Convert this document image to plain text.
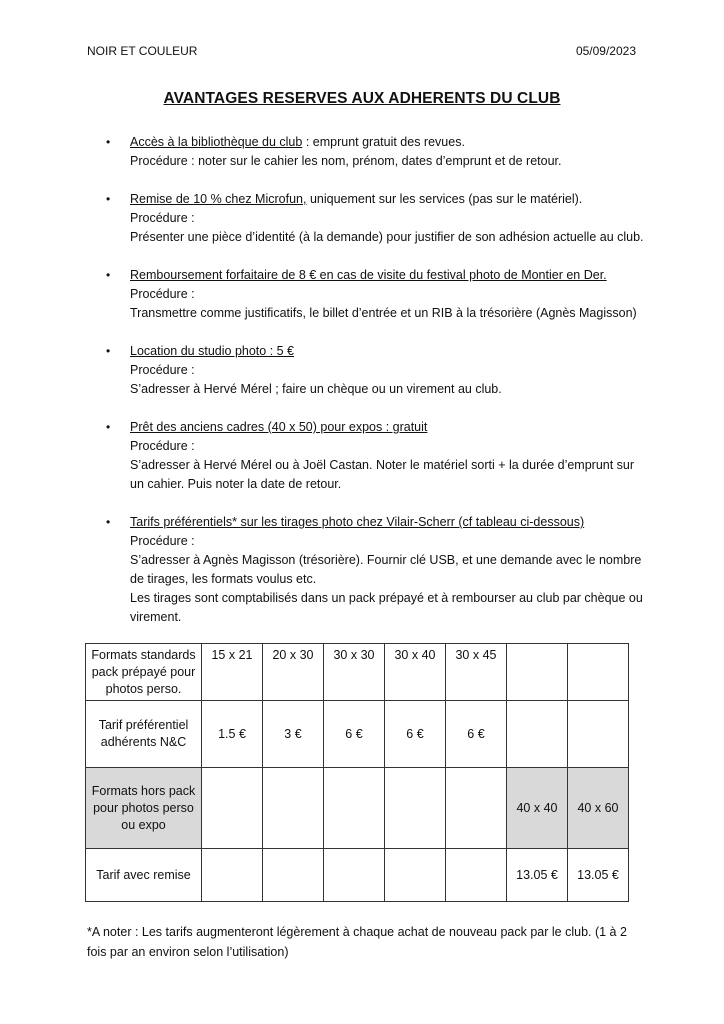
NOIR ET COULEUR	05/09/2023
AVANTAGES RESERVES AUX ADHERENTS DU CLUB
• Accès à la bibliothèque du club : emprunt gratuit des revues.
Procédure : noter sur le cahier les nom, prénom, dates d’emprunt et de retour.
• Remise de 10 % chez Microfun, uniquement sur les services (pas sur le matériel).
Procédure :
Présenter une pièce d’identité (à la demande) pour justifier de son adhésion actuelle au club.
• Remboursement forfaitaire de 8 € en cas de visite du festival photo de Montier en Der.
Procédure :
Transmettre comme justificatifs, le billet d’entrée et un RIB à la trésorière (Agnès Magisson)
• Location du studio photo : 5 €
Procédure :
S’adresser à Hervé Mérel ; faire un chèque ou un virement au club.
• Prêt des anciens cadres (40 x 50) pour expos : gratuit
Procédure :
S’adresser à Hervé Mérel ou à Joël Castan. Noter le matériel sorti + la durée d’emprunt sur
un cahier. Puis noter la date de retour.
• Tarifs préférentiels* sur les tirages photo chez Vilair-Scherr (cf tableau ci-dessous)
Procédure :
S’adresser à Agnès Magisson (trésorière). Fournir clé USB, et une demande avec le nombre
de tirages, les formats voulus etc.
Les tirages sont comptabilisés dans un pack prépayé et à rembourser au club par chèque ou
virement.
Formats standards pack prépayé pour photos perso.	15 x 21	20 x 30	30 x 30	30 x 40	30 x 45		
Tarif préférentiel adhérents N&C	1.5 €	3 €	6 €	6 €	6 €		
Formats hors pack pour photos perso ou expo						40 x 40	40 x 60
Tarif avec remise						13.05 €	13.05 €
*A noter : Les tarifs augmenteront légèrement à chaque achat de nouveau pack par le club. (1 à 2 fois par an environ selon l’utilisation)
